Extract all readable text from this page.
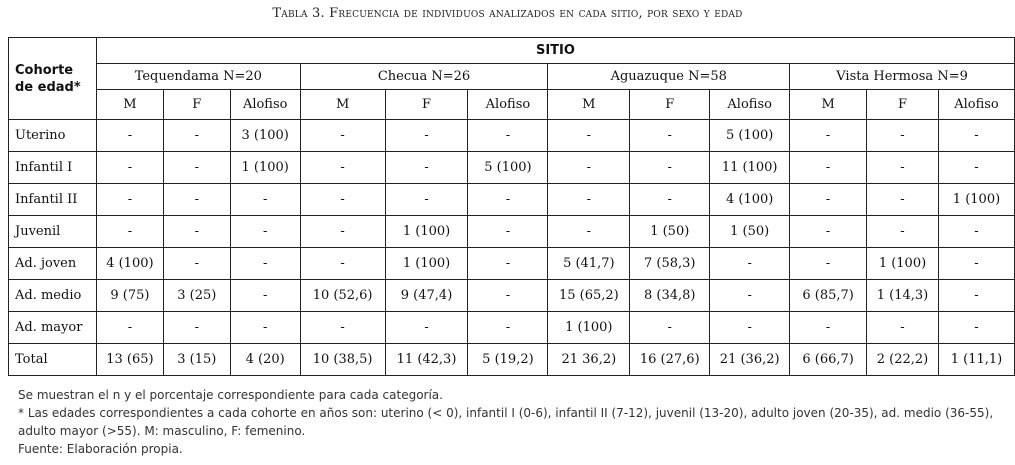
Tabla 3. Frecuencia de individuos analizados en cada sitio, por sexo y edad
Cohorte
de edad*	SITIO											
	Tequendama N=20			Checua N=26			Aguazuque N=58			Vista Hermosa N=9		
	M	F	Alofiso	M	F	Alofiso	M	F	Alofiso	M	F	Alofiso
Uterino	-	-	3 (100)	-	-	-	-	-	5 (100)	-	-	-
Infantil I	-	-	1 (100)	-	-	5 (100)	-	-	11 (100)	-	-	-
Infantil II	-	-	-	-	-	-	-	-	4 (100)	-	-	1 (100)
Juvenil	-	-	-	-	1 (100)	-	-	1 (50)	1 (50)	-	-	-
Ad. joven	4 (100)	-	-	-	1 (100)	-	5 (41,7)	7 (58,3)	-	-	1 (100)	-
Ad. medio	9 (75)	3 (25)	-	10 (52,6)	9 (47,4)	-	15 (65,2)	8 (34,8)	-	6 (85,7)	1 (14,3)	-
Ad. mayor	-	-	-	-	-	-	1 (100)	-	-	-	-	-
Total	13 (65)	3 (15)	4 (20)	10 (38,5)	11 (42,3)	5 (19,2)	21 36,2)	16 (27,6)	21 (36,2)	6 (66,7)	2 (22,2)	1 (11,1)
Se muestran el n y el porcentaje correspondiente para cada categoría.
* Las edades correspondientes a cada cohorte en años son: uterino (< 0), infantil I (0-6), infantil II (7-12), juvenil (13-20), adulto joven (20-35), ad. medio (36-55),
adulto mayor (>55). M: masculino, F: femenino.
Fuente: Elaboración propia.
